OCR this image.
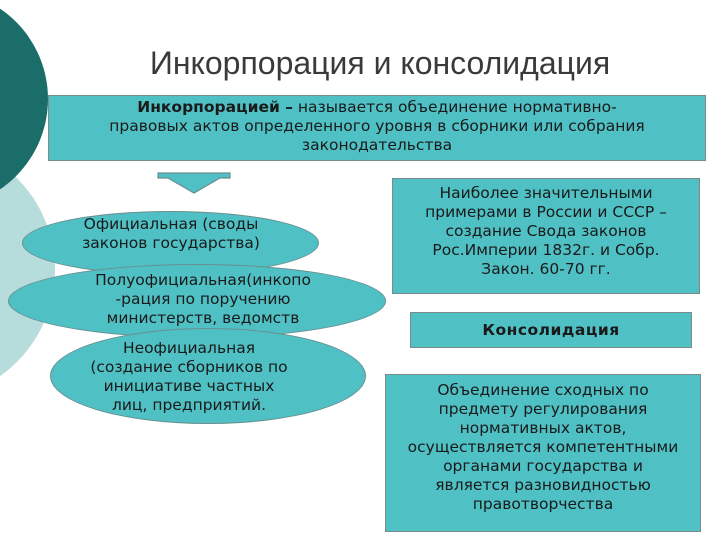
Инкорпорация и консолидация
Инкорпорацией – называется объединение нормативно-
правовых актов определенного уровня в сборники или собрания
законодательства
Официальная (своды
законов государства)
Полуофициальная(инкопо
-рация по поручению
министерств, ведомств
Неофициальная
(создание сборников по
инициативе частных
лиц, предприятий.
Наиболее значительными
примерами в России и СССР –
создание Свода законов
Рос.Империи 1832г. и Собр.
Закон. 60-70 гг.
Консолидация
Объединение сходных по
предмету регулирования
нормативных актов,
осуществляется компетентными
органами государства и
является разновидностью
правотворчества
